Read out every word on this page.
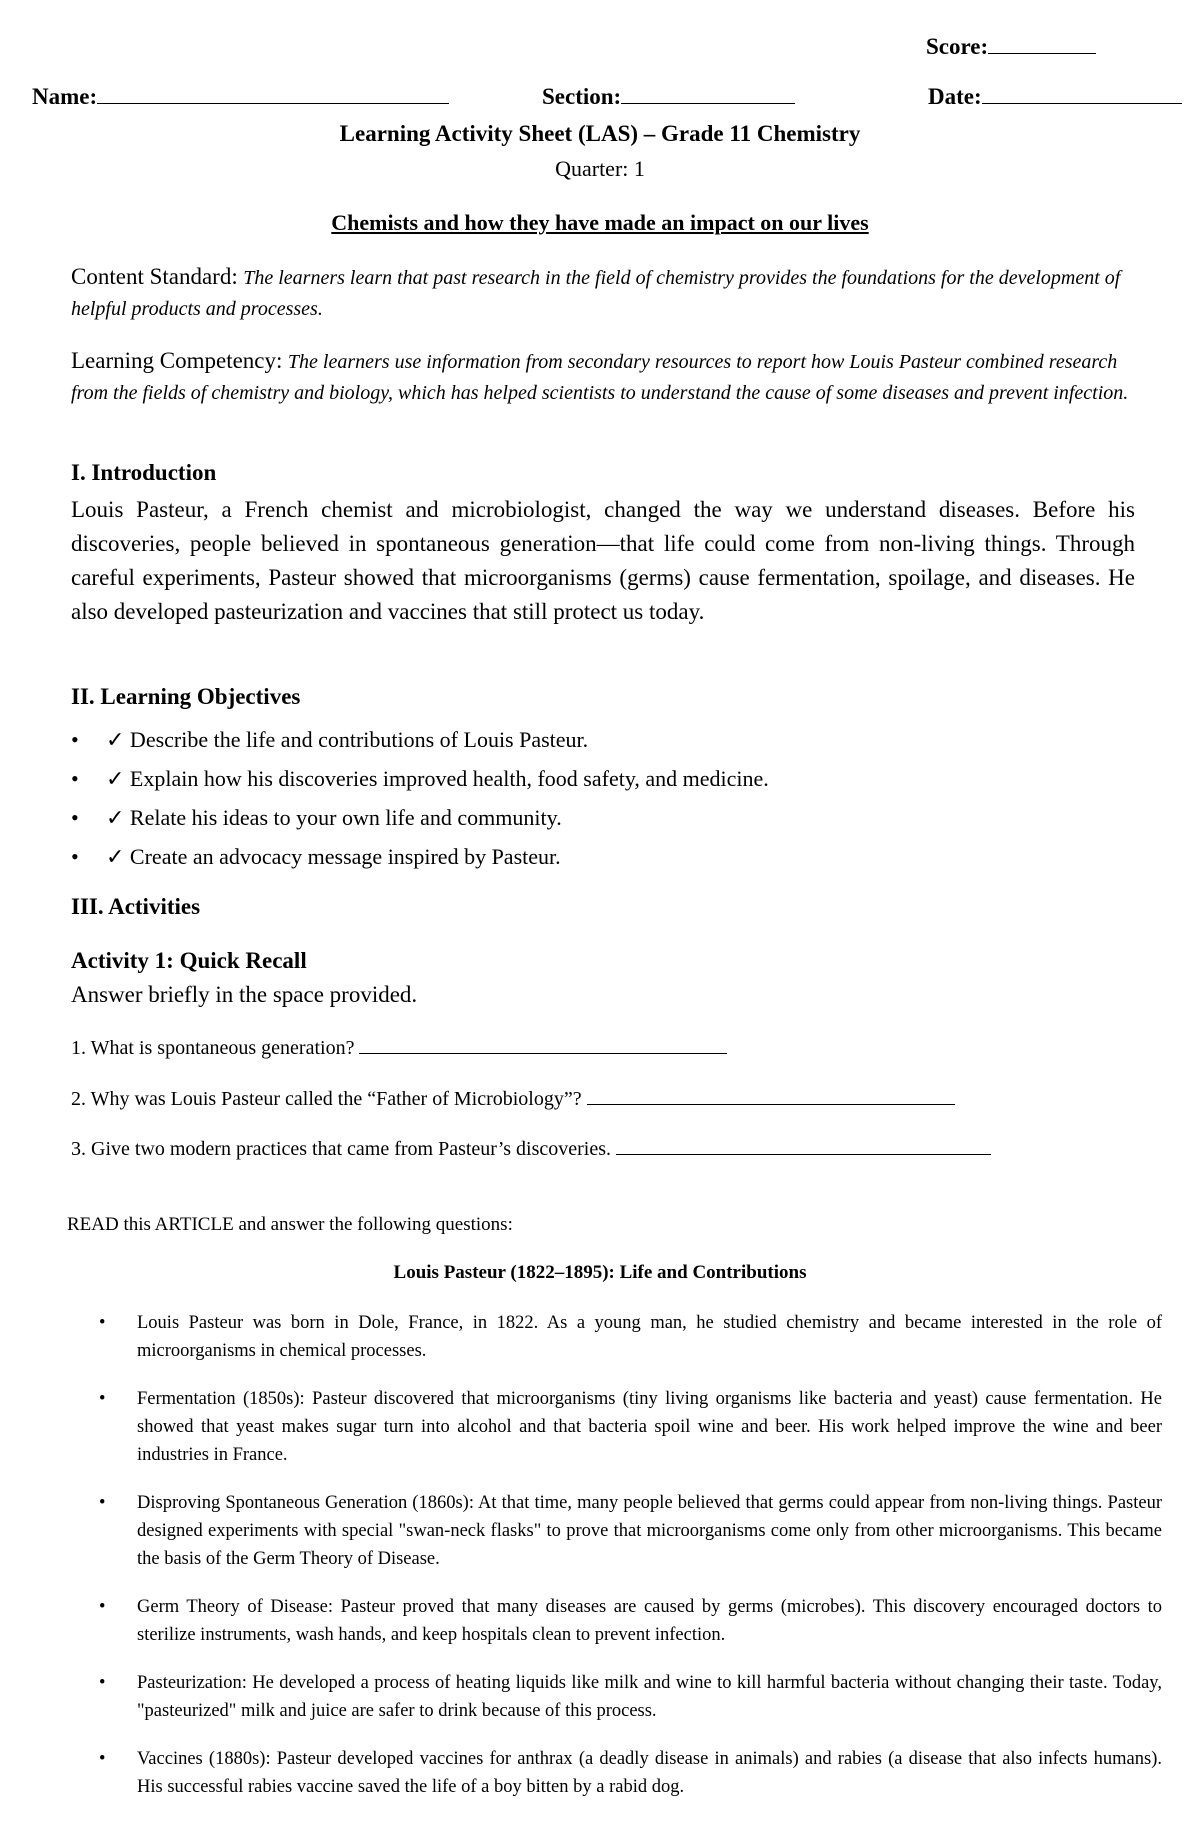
Score:
Name:	Section:	Date:
Learning Activity Sheet (LAS) – Grade 11 Chemistry
Quarter: 1
Chemists and how they have made an impact on our lives
Content Standard: The learners learn that past research in the field of chemistry provides the foundations for the development of helpful products and processes.
Learning Competency: The learners use information from secondary resources to report how Louis Pasteur combined research from the fields of chemistry and biology, which has helped scientists to understand the cause of some diseases and prevent infection.
I. Introduction
Louis Pasteur, a French chemist and microbiologist, changed the way we understand diseases. Before his discoveries, people believed in spontaneous generation—that life could come from non-living things. Through careful experiments, Pasteur showed that microorganisms (germs) cause fermentation, spoilage, and diseases. He also developed pasteurization and vaccines that still protect us today.
II. Learning Objectives
• ✓ Describe the life and contributions of Louis Pasteur.
• ✓ Explain how his discoveries improved health, food safety, and medicine.
• ✓ Relate his ideas to your own life and community.
• ✓ Create an advocacy message inspired by Pasteur.
III. Activities
Activity 1: Quick Recall
Answer briefly in the space provided.
1. What is spontaneous generation?
2. Why was Louis Pasteur called the “Father of Microbiology”?
3. Give two modern practices that came from Pasteur’s discoveries.
READ this ARTICLE and answer the following questions:
Louis Pasteur (1822–1895): Life and Contributions
• Louis Pasteur was born in Dole, France, in 1822. As a young man, he studied chemistry and became interested in the role of microorganisms in chemical processes.
• Fermentation (1850s): Pasteur discovered that microorganisms (tiny living organisms like bacteria and yeast) cause fermentation. He showed that yeast makes sugar turn into alcohol and that bacteria spoil wine and beer. His work helped improve the wine and beer industries in France.
• Disproving Spontaneous Generation (1860s): At that time, many people believed that germs could appear from non-living things. Pasteur designed experiments with special "swan-neck flasks" to prove that microorganisms come only from other microorganisms. This became the basis of the Germ Theory of Disease.
• Germ Theory of Disease: Pasteur proved that many diseases are caused by germs (microbes). This discovery encouraged doctors to sterilize instruments, wash hands, and keep hospitals clean to prevent infection.
• Pasteurization: He developed a process of heating liquids like milk and wine to kill harmful bacteria without changing their taste. Today, "pasteurized" milk and juice are safer to drink because of this process.
• Vaccines (1880s): Pasteur developed vaccines for anthrax (a deadly disease in animals) and rabies (a disease that also infects humans). His successful rabies vaccine saved the life of a boy bitten by a rabid dog.
